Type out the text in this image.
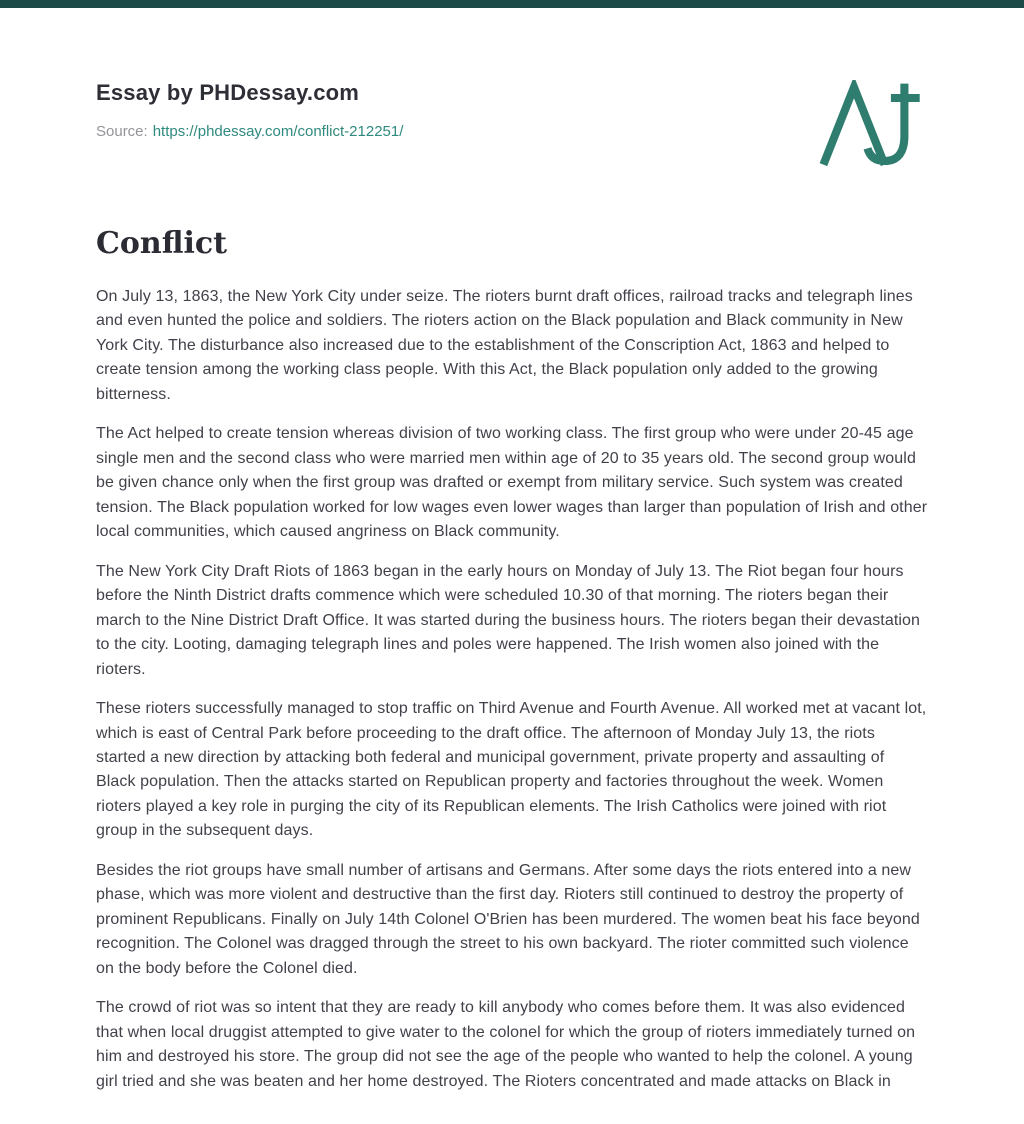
Essay by PHDessay.com
Source: https://phdessay.com/conflict-212251/
Conflict

On July 13, 1863, the New York City under seize. The rioters burnt draft offices, railroad tracks and telegraph lines and even hunted the police and soldiers. The rioters action on the Black population and Black community in New York City. The disturbance also increased due to the establishment of the Conscription Act, 1863 and helped to create tension among the working class people. With this Act, the Black population only added to the growing bitterness.

The Act helped to create tension whereas division of two working class. The first group who were under 20-45 age single men and the second class who were married men within age of 20 to 35 years old. The second group would be given chance only when the first group was drafted or exempt from military service. Such system was created tension. The Black population worked for low wages even lower wages than larger than population of Irish and other local communities, which caused angriness on Black community.

The New York City Draft Riots of 1863 began in the early hours on Monday of July 13. The Riot began four hours before the Ninth District drafts commence which were scheduled 10.30 of that morning. The rioters began their march to the Nine District Draft Office. It was started during the business hours. The rioters began their devastation to the city. Looting, damaging telegraph lines and poles were happened. The Irish women also joined with the rioters.

These rioters successfully managed to stop traffic on Third Avenue and Fourth Avenue. All worked met at vacant lot, which is east of Central Park before proceeding to the draft office. The afternoon of Monday July 13, the riots started a new direction by attacking both federal and municipal government, private property and assaulting of Black population. Then the attacks started on Republican property and factories throughout the week. Women rioters played a key role in purging the city of its Republican elements. The Irish Catholics were joined with riot group in the subsequent days.

Besides the riot groups have small number of artisans and Germans. After some days the riots entered into a new phase, which was more violent and destructive than the first day. Rioters still continued to destroy the property of prominent Republicans. Finally on July 14th Colonel O'Brien has been murdered. The women beat his face beyond recognition. The Colonel was dragged through the street to his own backyard. The rioter committed such violence on the body before the Colonel died.

The crowd of riot was so intent that they are ready to kill anybody who comes before them. It was also evidenced that when local druggist attempted to give water to the colonel for which the group of rioters immediately turned on him and destroyed his store. The group did not see the age of the people who wanted to help the colonel. A young girl tried and she was beaten and her home destroyed. The Rioters concentrated and made attacks on Black in
